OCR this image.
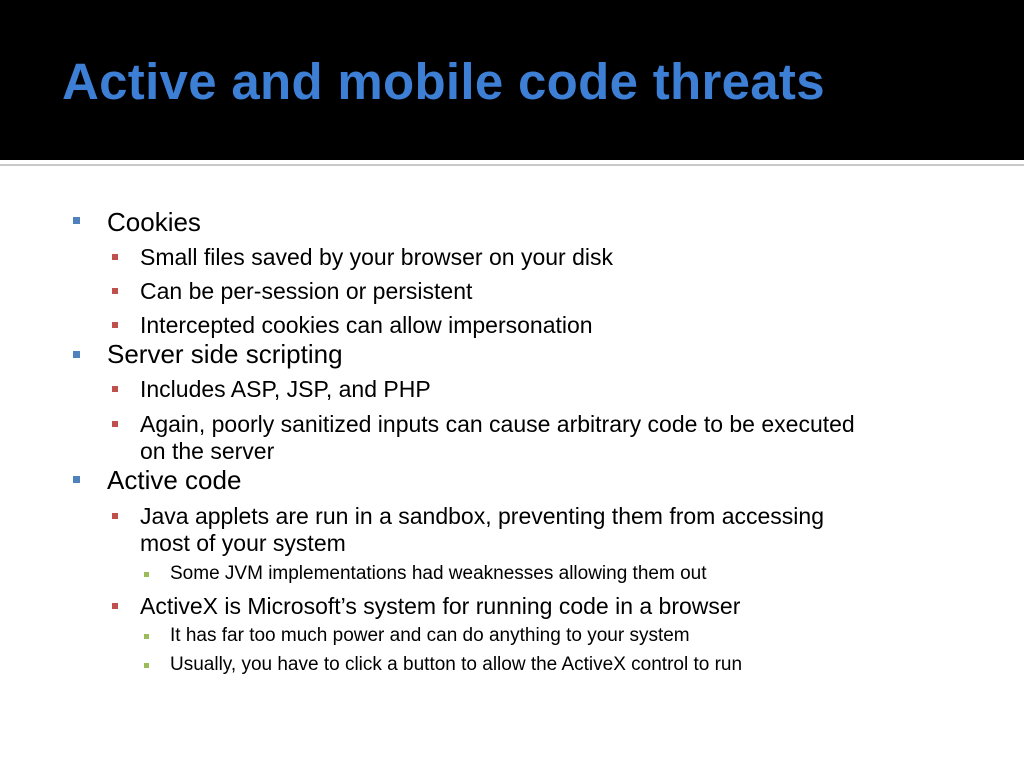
Active and mobile code threats
Cookies
Small files saved by your browser on your disk
Can be per-session or persistent
Intercepted cookies can allow impersonation
Server side scripting
Includes ASP, JSP, and PHP
Again, poorly sanitized inputs can cause arbitrary code to be executed
on the server
Active code
Java applets are run in a sandbox, preventing them from accessing
most of your system
Some JVM implementations had weaknesses allowing them out
ActiveX is Microsoft’s system for running code in a browser
It has far too much power and can do anything to your system
Usually, you have to click a button to allow the ActiveX control to run
